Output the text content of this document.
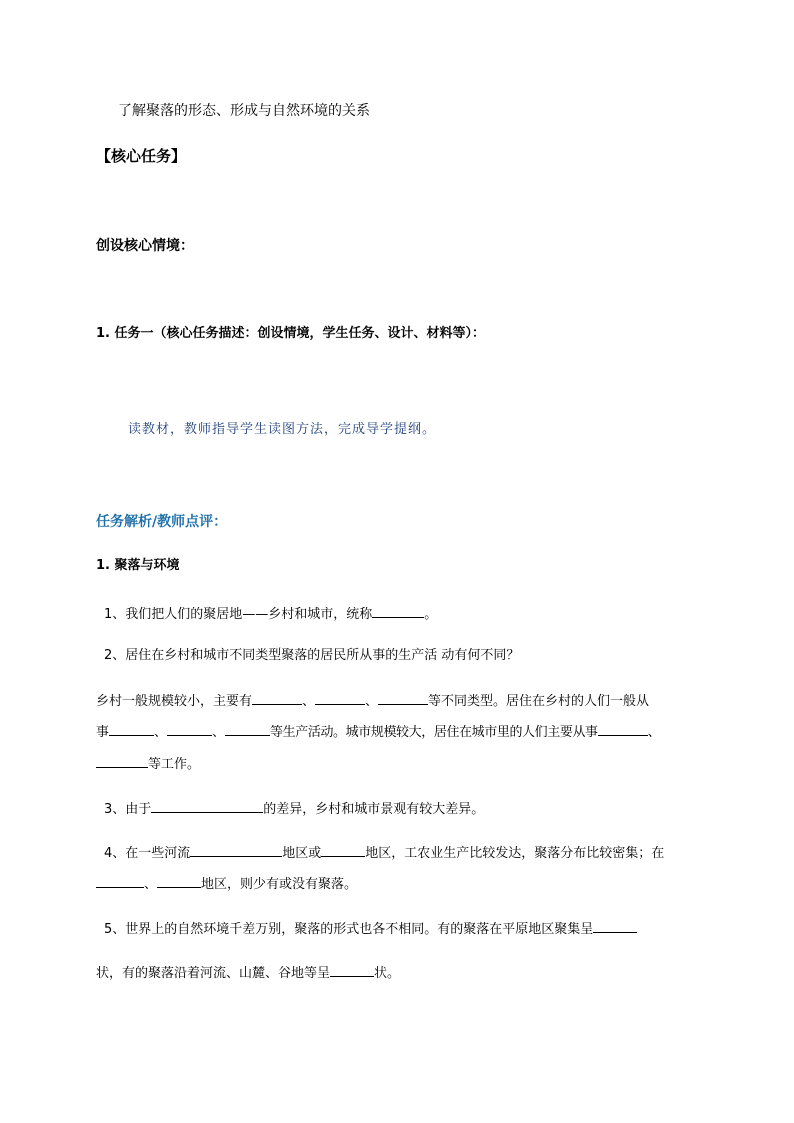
了解聚落的形态、形成与自然环境的关系
【核心任务】
创设核心情境：
1. 任务一（核心任务描述：创设情境，学生任务、设计、材料等）：
读教材，教师指导学生读图方法，完成导学提纲。
任务解析/教师点评：
1. 聚落与环境
1、我们把人们的聚居地——乡村和城市，统称	。
2、居住在乡村和城市不同类型聚落的居民所从事的生产活 动有何不同？
乡村一般规模较小，主要有	、	、	等不同类型。居住在乡村的人们一般从
事	、	、	等生产活动。城市规模较大，居住在城市里的人们主要从事	、
等工作。
3、由于	的差异，乡村和城市景观有较大差异。
4、在一些河流	地区或	地区，工农业生产比较发达，聚落分布比较密集；在
、	地区，则少有或没有聚落。
5、世界上的自然环境千差万别，聚落的形式也各不相同。有的聚落在平原地区聚集呈
状，有的聚落沿着河流、山麓、谷地等呈	状。
